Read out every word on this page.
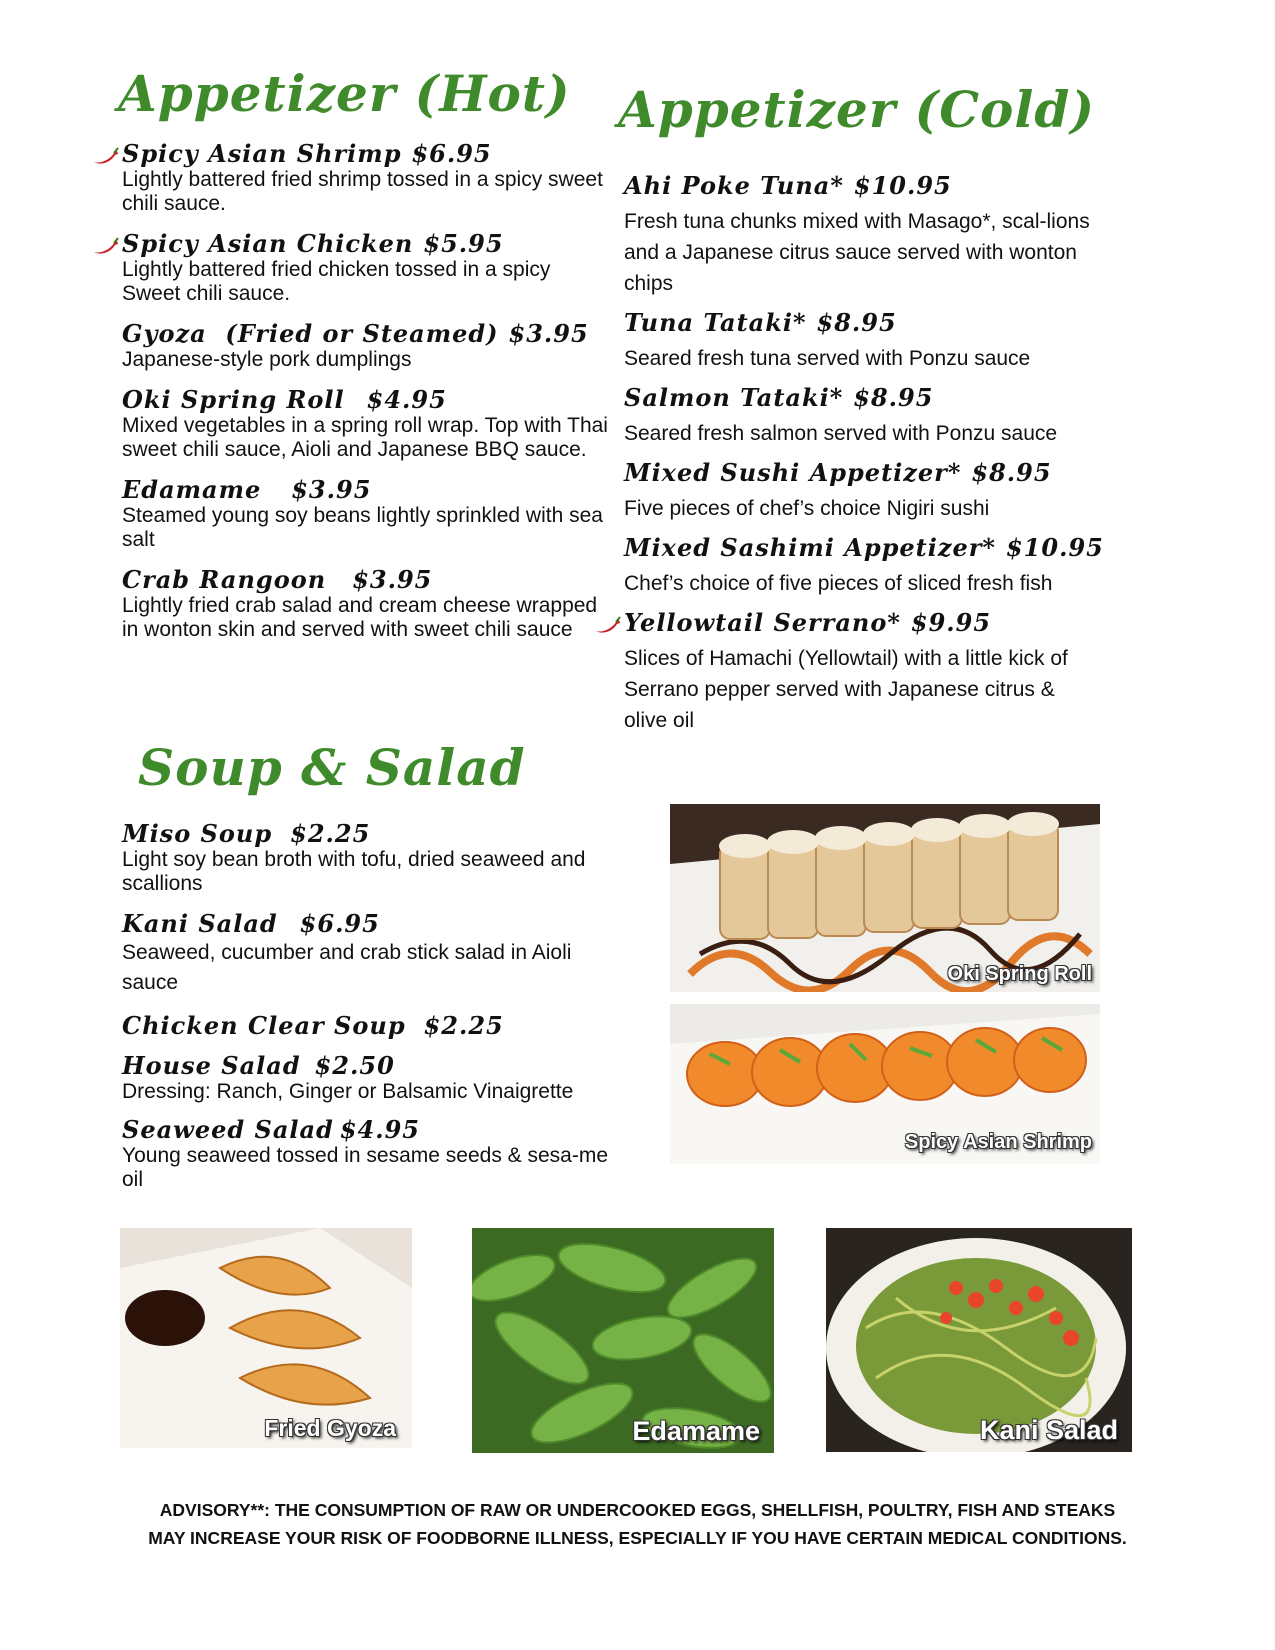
Appetizer (Hot)
Spicy Asian Shrimp $6.95
Lightly battered fried shrimp tossed in a spicy sweet chili sauce.
Spicy Asian Chicken $5.95
Lightly battered fried chicken tossed in a spicy Sweet chili sauce.
Gyoza  (Fried or Steamed) $3.95
Japanese-style pork dumplings
Oki Spring Roll $4.95
Mixed vegetables in a spring roll wrap. Top with Thai sweet chili sauce, Aioli and Japanese BBQ sauce.
Edamame $3.95
Steamed young soy beans lightly sprinkled with sea salt
Crab Rangoon $3.95
Lightly fried crab salad and cream cheese wrapped in wonton skin and served with sweet chili sauce
Appetizer (Cold)
Ahi Poke Tuna* $10.95
Fresh tuna chunks mixed with Masago*, scal-lions and a Japanese citrus sauce served with wonton chips
Tuna Tataki* $8.95
Seared fresh tuna served with Ponzu sauce
Salmon Tataki* $8.95
Seared fresh salmon served with Ponzu sauce
Mixed Sushi Appetizer* $8.95
Five pieces of chef’s choice Nigiri sushi
Mixed Sashimi Appetizer* $10.95
Chef’s choice of five pieces of sliced fresh fish
Yellowtail Serrano* $9.95
Slices of Hamachi (Yellowtail) with a little kick of Serrano pepper served with Japanese citrus & olive oil
Soup & Salad
Miso Soup $2.25
Light soy bean broth with tofu, dried seaweed and scallions
Kani Salad $6.95
Seaweed, cucumber and crab stick salad in Aioli sauce
Chicken Clear Soup $2.25
House Salad $2.50
Dressing: Ranch, Ginger or Balsamic Vinaigrette
Seaweed Salad $4.95
Young seaweed tossed in sesame seeds & sesa-me oil
Oki Spring Roll
Spicy Asian Shrimp
Fried Gyoza	Edamame	Kani Salad
ADVISORY**: THE CONSUMPTION OF RAW OR UNDERCOOKED EGGS, SHELLFISH, POULTRY, FISH AND STEAKS
MAY INCREASE YOUR RISK OF FOODBORNE ILLNESS, ESPECIALLY IF YOU HAVE CERTAIN MEDICAL CONDITIONS.
